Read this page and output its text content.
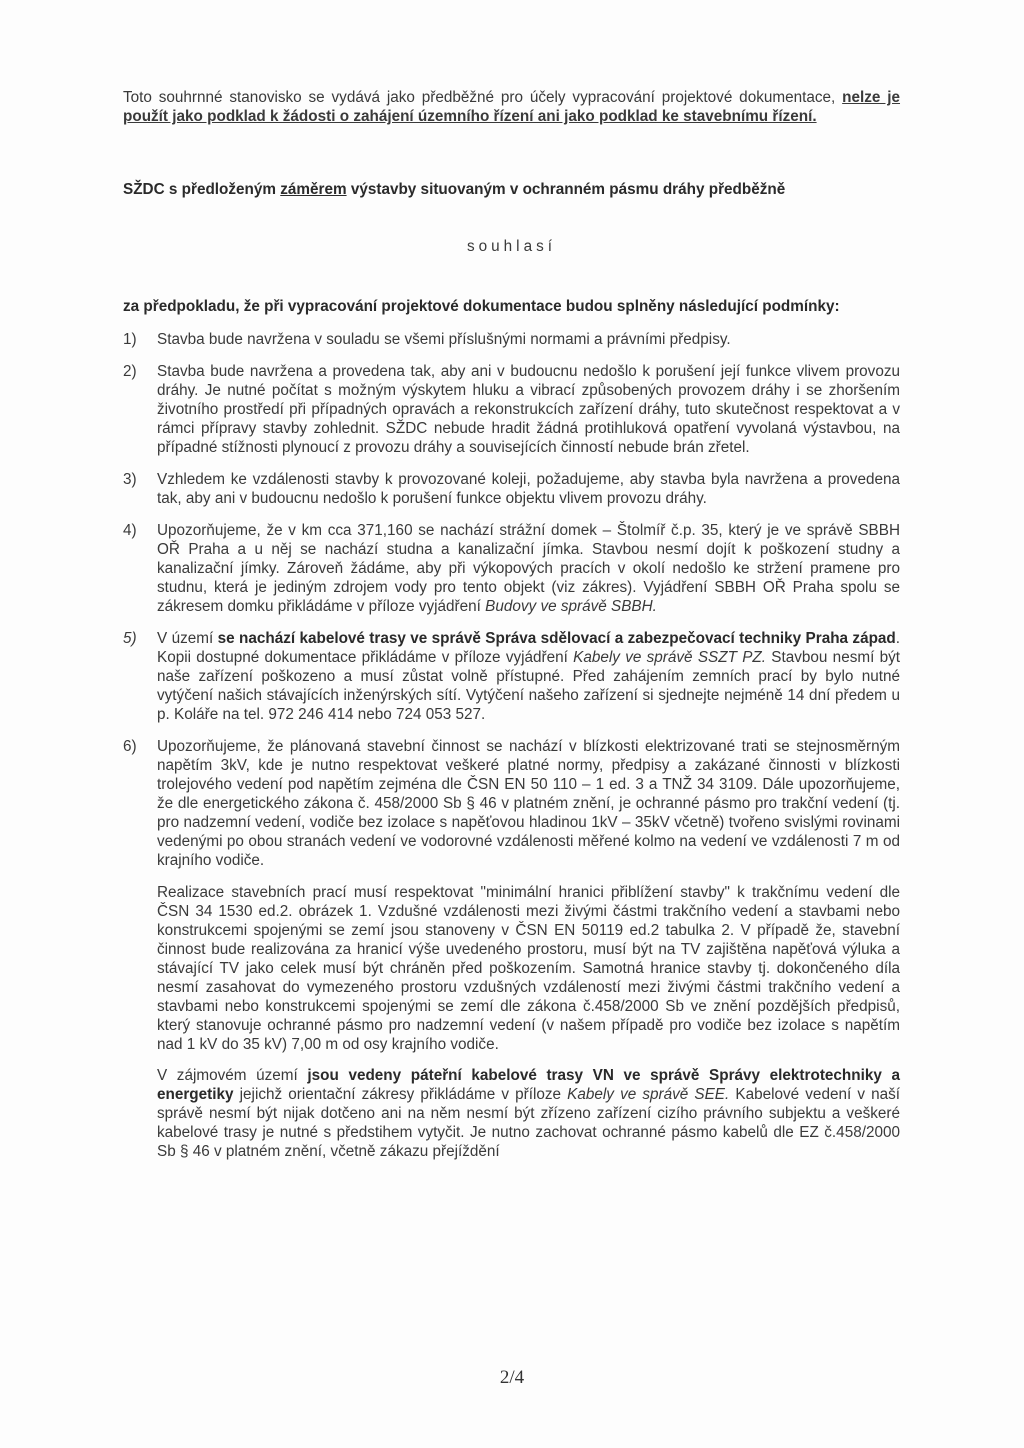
Toto souhrnné stanovisko se vydává jako předběžné pro účely vypracování projektové dokumentace, nelze je použít jako podklad k žádosti o zahájení územního řízení ani jako podklad ke stavebnímu řízení.

SŽDC s předloženým záměrem výstavby situovaným v ochranném pásmu dráhy předběžně

souhlasí

za předpokladu, že při vypracování projektové dokumentace budou splněny následující podmínky:

1)	Stavba bude navržena v souladu se všemi příslušnými normami a právními předpisy.
2)	Stavba bude navržena a provedena tak, aby ani v budoucnu nedošlo k porušení její funkce vlivem provozu dráhy. Je nutné počítat s možným výskytem hluku a vibrací způsobených provozem dráhy i se zhoršením životního prostředí při případných opravách a rekonstrukcích zařízení dráhy, tuto skutečnost respektovat a v rámci přípravy stavby zohlednit. SŽDC nebude hradit žádná protihluková opatření vyvolaná výstavbou, na případné stížnosti plynoucí z provozu dráhy a souvisejících činností nebude brán zřetel.
3)	Vzhledem ke vzdálenosti stavby k provozované koleji, požadujeme, aby stavba byla navržena a provedena tak, aby ani v budoucnu nedošlo k porušení funkce objektu vlivem provozu dráhy.
4)	Upozorňujeme, že v km cca 371,160 se nachází strážní domek – Štolmíř č.p. 35, který je ve správě SBBH OŘ Praha a u něj se nachází studna a kanalizační jímka. Stavbou nesmí dojít k poškození studny a kanalizační jímky. Zároveň žádáme, aby při výkopových pracích v okolí nedošlo ke stržení pramene pro studnu, která je jediným zdrojem vody pro tento objekt (viz zákres). Vyjádření SBBH OŘ Praha spolu se zákresem domku přikládáme v příloze vyjádření Budovy ve správě SBBH.
5)	V území se nachází kabelové trasy ve správě Správa sdělovací a zabezpečovací techniky Praha západ. Kopii dostupné dokumentace přikládáme v příloze vyjádření Kabely ve správě SSZT PZ. Stavbou nesmí být naše zařízení poškozeno a musí zůstat volně přístupné. Před zahájením zemních prací by bylo nutné vytýčení našich stávajících inženýrských sítí. Vytýčení našeho zařízení si sjednejte nejméně 14 dní předem u p. Koláře na tel. 972 246 414 nebo 724 053 527.
6)	Upozorňujeme, že plánovaná stavební činnost se nachází v blízkosti elektrizované trati se stejnosměrným napětím 3kV, kde je nutno respektovat veškeré platné normy, předpisy a zakázané činnosti v blízkosti trolejového vedení pod napětím zejména dle ČSN EN 50 110 – 1 ed. 3 a TNŽ 34 3109. Dále upozorňujeme, že dle energetického zákona č. 458/2000 Sb § 46 v platném znění, je ochranné pásmo pro trakční vedení (tj. pro nadzemní vedení, vodiče bez izolace s napěťovou hladinou 1kV – 35kV včetně) tvořeno svislými rovinami vedenými po obou stranách vedení ve vodorovné vzdálenosti měřené kolmo na vedení ve vzdálenosti 7 m od krajního vodiče.

Realizace stavebních prací musí respektovat "minimální hranici přiblížení stavby" k trakčnímu vedení dle ČSN 34 1530 ed.2. obrázek 1. Vzdušné vzdálenosti mezi živými částmi trakčního vedení a stavbami nebo konstrukcemi spojenými se zemí jsou stanoveny v ČSN EN 50119 ed.2 tabulka 2. V případě že, stavební činnost bude realizována za hranicí výše uvedeného prostoru, musí být na TV zajištěna napěťová výluka a stávající TV jako celek musí být chráněn před poškozením. Samotná hranice stavby tj. dokončeného díla nesmí zasahovat do vymezeného prostoru vzdušných vzdáleností mezi živými částmi trakčního vedení a stavbami nebo konstrukcemi spojenými se zemí dle zákona č.458/2000 Sb ve znění pozdějších předpisů, který stanovuje ochranné pásmo pro nadzemní vedení (v našem případě pro vodiče bez izolace s napětím nad 1 kV do 35 kV) 7,00 m od osy krajního vodiče.

V zájmovém území jsou vedeny páteřní kabelové trasy VN ve správě Správy elektrotechniky a energetiky jejichž orientační zákresy přikládáme v příloze Kabely ve správě SEE. Kabelové vedení v naší správě nesmí být nijak dotčeno ani na něm nesmí být zřízeno zařízení cizího právního subjektu a veškeré kabelové trasy je nutné s předstihem vytyčit. Je nutno zachovat ochranné pásmo kabelů dle EZ č.458/2000 Sb § 46 v platném znění, včetně zákazu přejíždění

2/4
